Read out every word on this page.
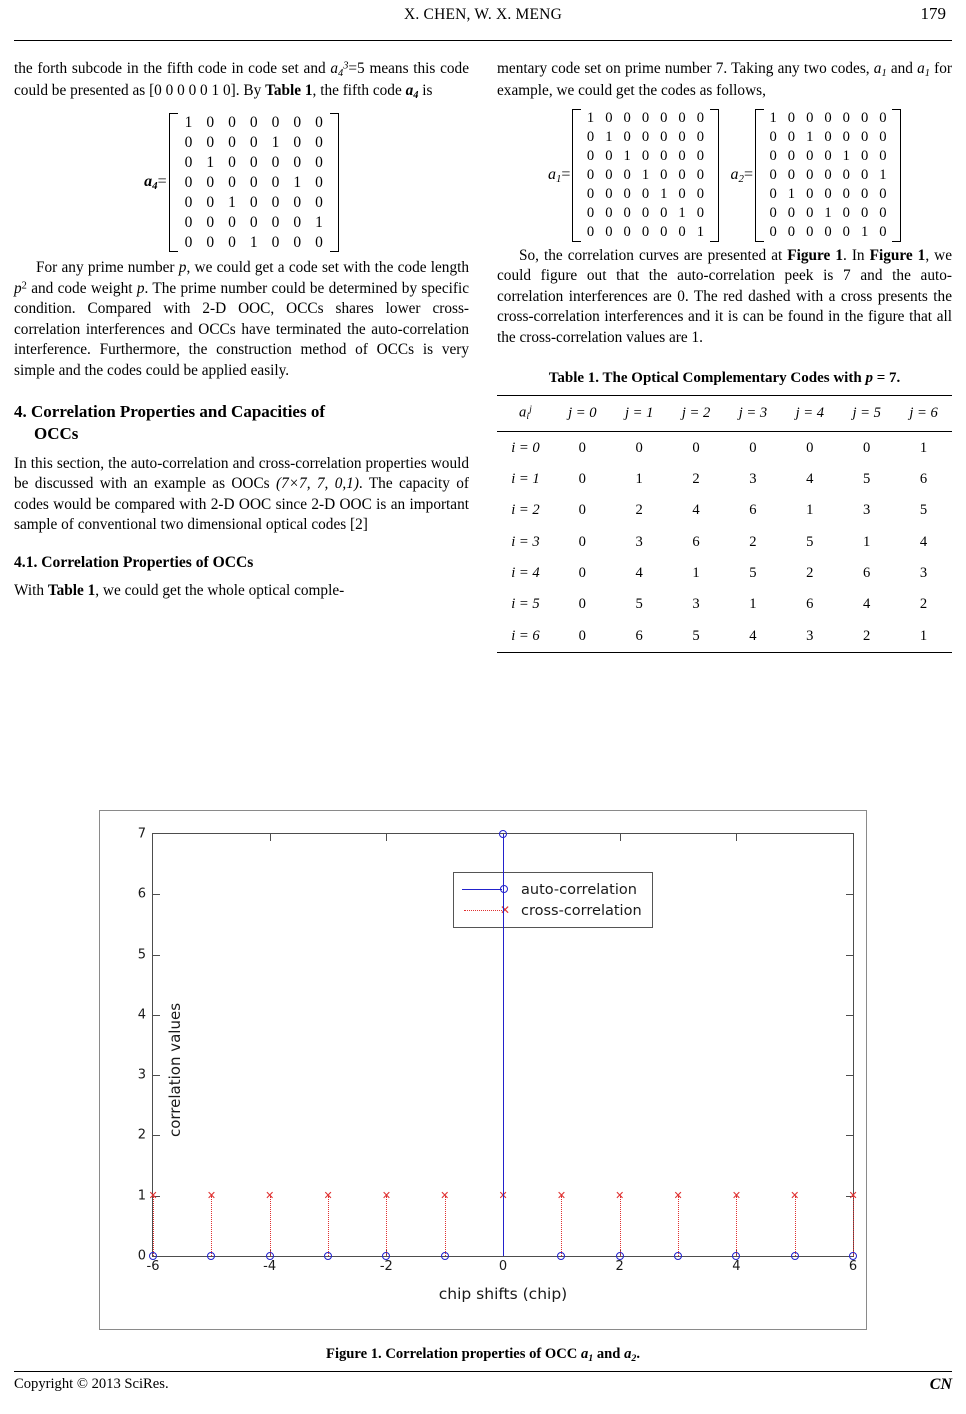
X. CHEN, W. X. MENG	179

the forth subcode in the fifth code in code set and $a_4^3=5$ means this code could be presented as [0 0 0 0 0 1 0]. By Table 1, the fifth code $a_4$ is

$a_4=$
1	0	0	0	0	0	0
0	0	0	0	1	0	0
0	1	0	0	0	0	0
0	0	0	0	0	1	0
0	0	1	0	0	0	0
0	0	0	0	0	0	1
0	0	0	1	0	0	0

For any prime number p, we could get a code set with the code length $p^2$ and code weight p. The prime number could be determined by specific condition. Compared with 2-D OOC, OCCs shares lower cross-correlation interferences and OCCs have terminated the auto-correlation interference. Furthermore, the construction method of OCCs is very simple and the codes could be applied easily.

4. Correlation Properties and Capacities of
OCCs

In this section, the auto-correlation and cross-correlation properties would be discussed with an example as OOCs (7×7, 7, 0,1). The capacity of codes would be compared with 2-D OOC since 2-D OOC is an important sample of conventional two dimensional optical codes [2]

4.1. Correlation Properties of OCCs

With Table 1, we could get the whole optical comple-

mentary code set on prime number 7. Taking any two codes, $a_1$ and $a_1$ for example, we could get the codes as follows,

$a_1=$
1	0	0	0	0	0	0
0	1	0	0	0	0	0
0	0	1	0	0	0	0
0	0	0	1	0	0	0
0	0	0	0	1	0	0
0	0	0	0	0	1	0
0	0	0	0	0	0	1
$a_2=$
1	0	0	0	0	0	0
0	0	1	0	0	0	0
0	0	0	0	1	0	0
0	0	0	0	0	0	1
0	1	0	0	0	0	0
0	0	0	1	0	0	0
0	0	0	0	0	1	0

So, the correlation curves are presented at Figure 1. In Figure 1, we could figure out that the auto-correlation peek is 7 and the auto-correlation interferences are 0. The red dashed with a cross presents the cross-correlation interferences and it is can be found in the figure that all the cross-correlation values are 1.

Table 1. The Optical Complementary Codes with p = 7.
$a_i^j$	j = 0	j = 1	j = 2	j = 3	j = 4	j = 5	j = 6
i = 0	0	0	0	0	0	0	1
i = 1	0	1	2	3	4	5	6
i = 2	0	2	4	6	1	3	5
i = 3	0	3	6	2	5	1	4
i = 4	0	4	1	5	2	6	3
i = 5	0	5	3	1	6	4	2
i = 6	0	6	5	4	3	2	1
correlation values
chip shifts (chip)
auto-correlation
✕ cross-correlation
0
1
2
3
4
5
6
7
-6	-4	-2	0	2	4	6
✕	✕	✕	✕	✕	✕	✕	✕	✕	✕	✕	✕	✕
Figure 1. Correlation properties of OCC $a_1$ and $a_2$.
Copyright © 2013 SciRes.	CN
